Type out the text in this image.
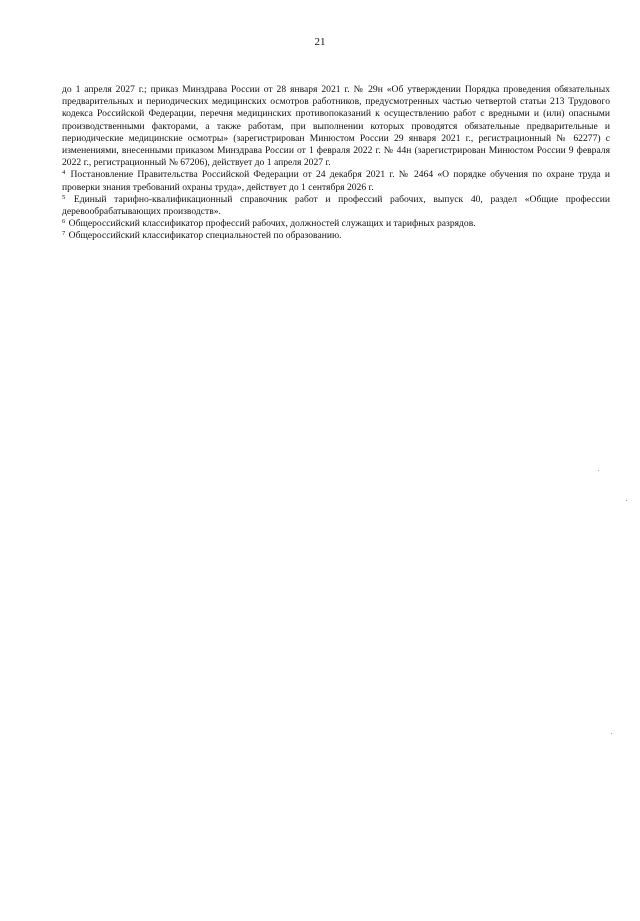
21

до 1 апреля 2027 г.; приказ Минздрава России от 28 января 2021 г. № 29н «Об утверждении Порядка проведения обязательных предварительных и периодических медицинских осмотров работников, предусмотренных частью четвертой статьи 213 Трудового кодекса Российской Федерации, перечня медицинских противопоказаний к осуществлению работ с вредными и (или) опасными производственными факторами, а также работам, при выполнении которых проводятся обязательные предварительные и периодические медицинские осмотры» (зарегистрирован Минюстом России 29 января 2021 г., регистрационный № 62277) с изменениями, внесенными приказом Минздрава России от 1 февраля 2022 г. № 44н (зарегистрирован Минюстом России 9 февраля 2022 г., регистрационный № 67206), действует до 1 апреля 2027 г.

$^4$ Постановление Правительства Российской Федерации от 24 декабря 2021 г. № 2464 «О порядке обучения по охране труда и проверки знания требований охраны труда», действует до 1 сентября 2026 г.

$^5$ Единый тарифно-квалификационный справочник работ и профессий рабочих, выпуск 40, раздел «Общие профессии деревообрабатывающих производств».

$^6$ Общероссийский классификатор профессий рабочих, должностей служащих и тарифных разрядов.

$^7$ Общероссийский классификатор специальностей по образованию.
